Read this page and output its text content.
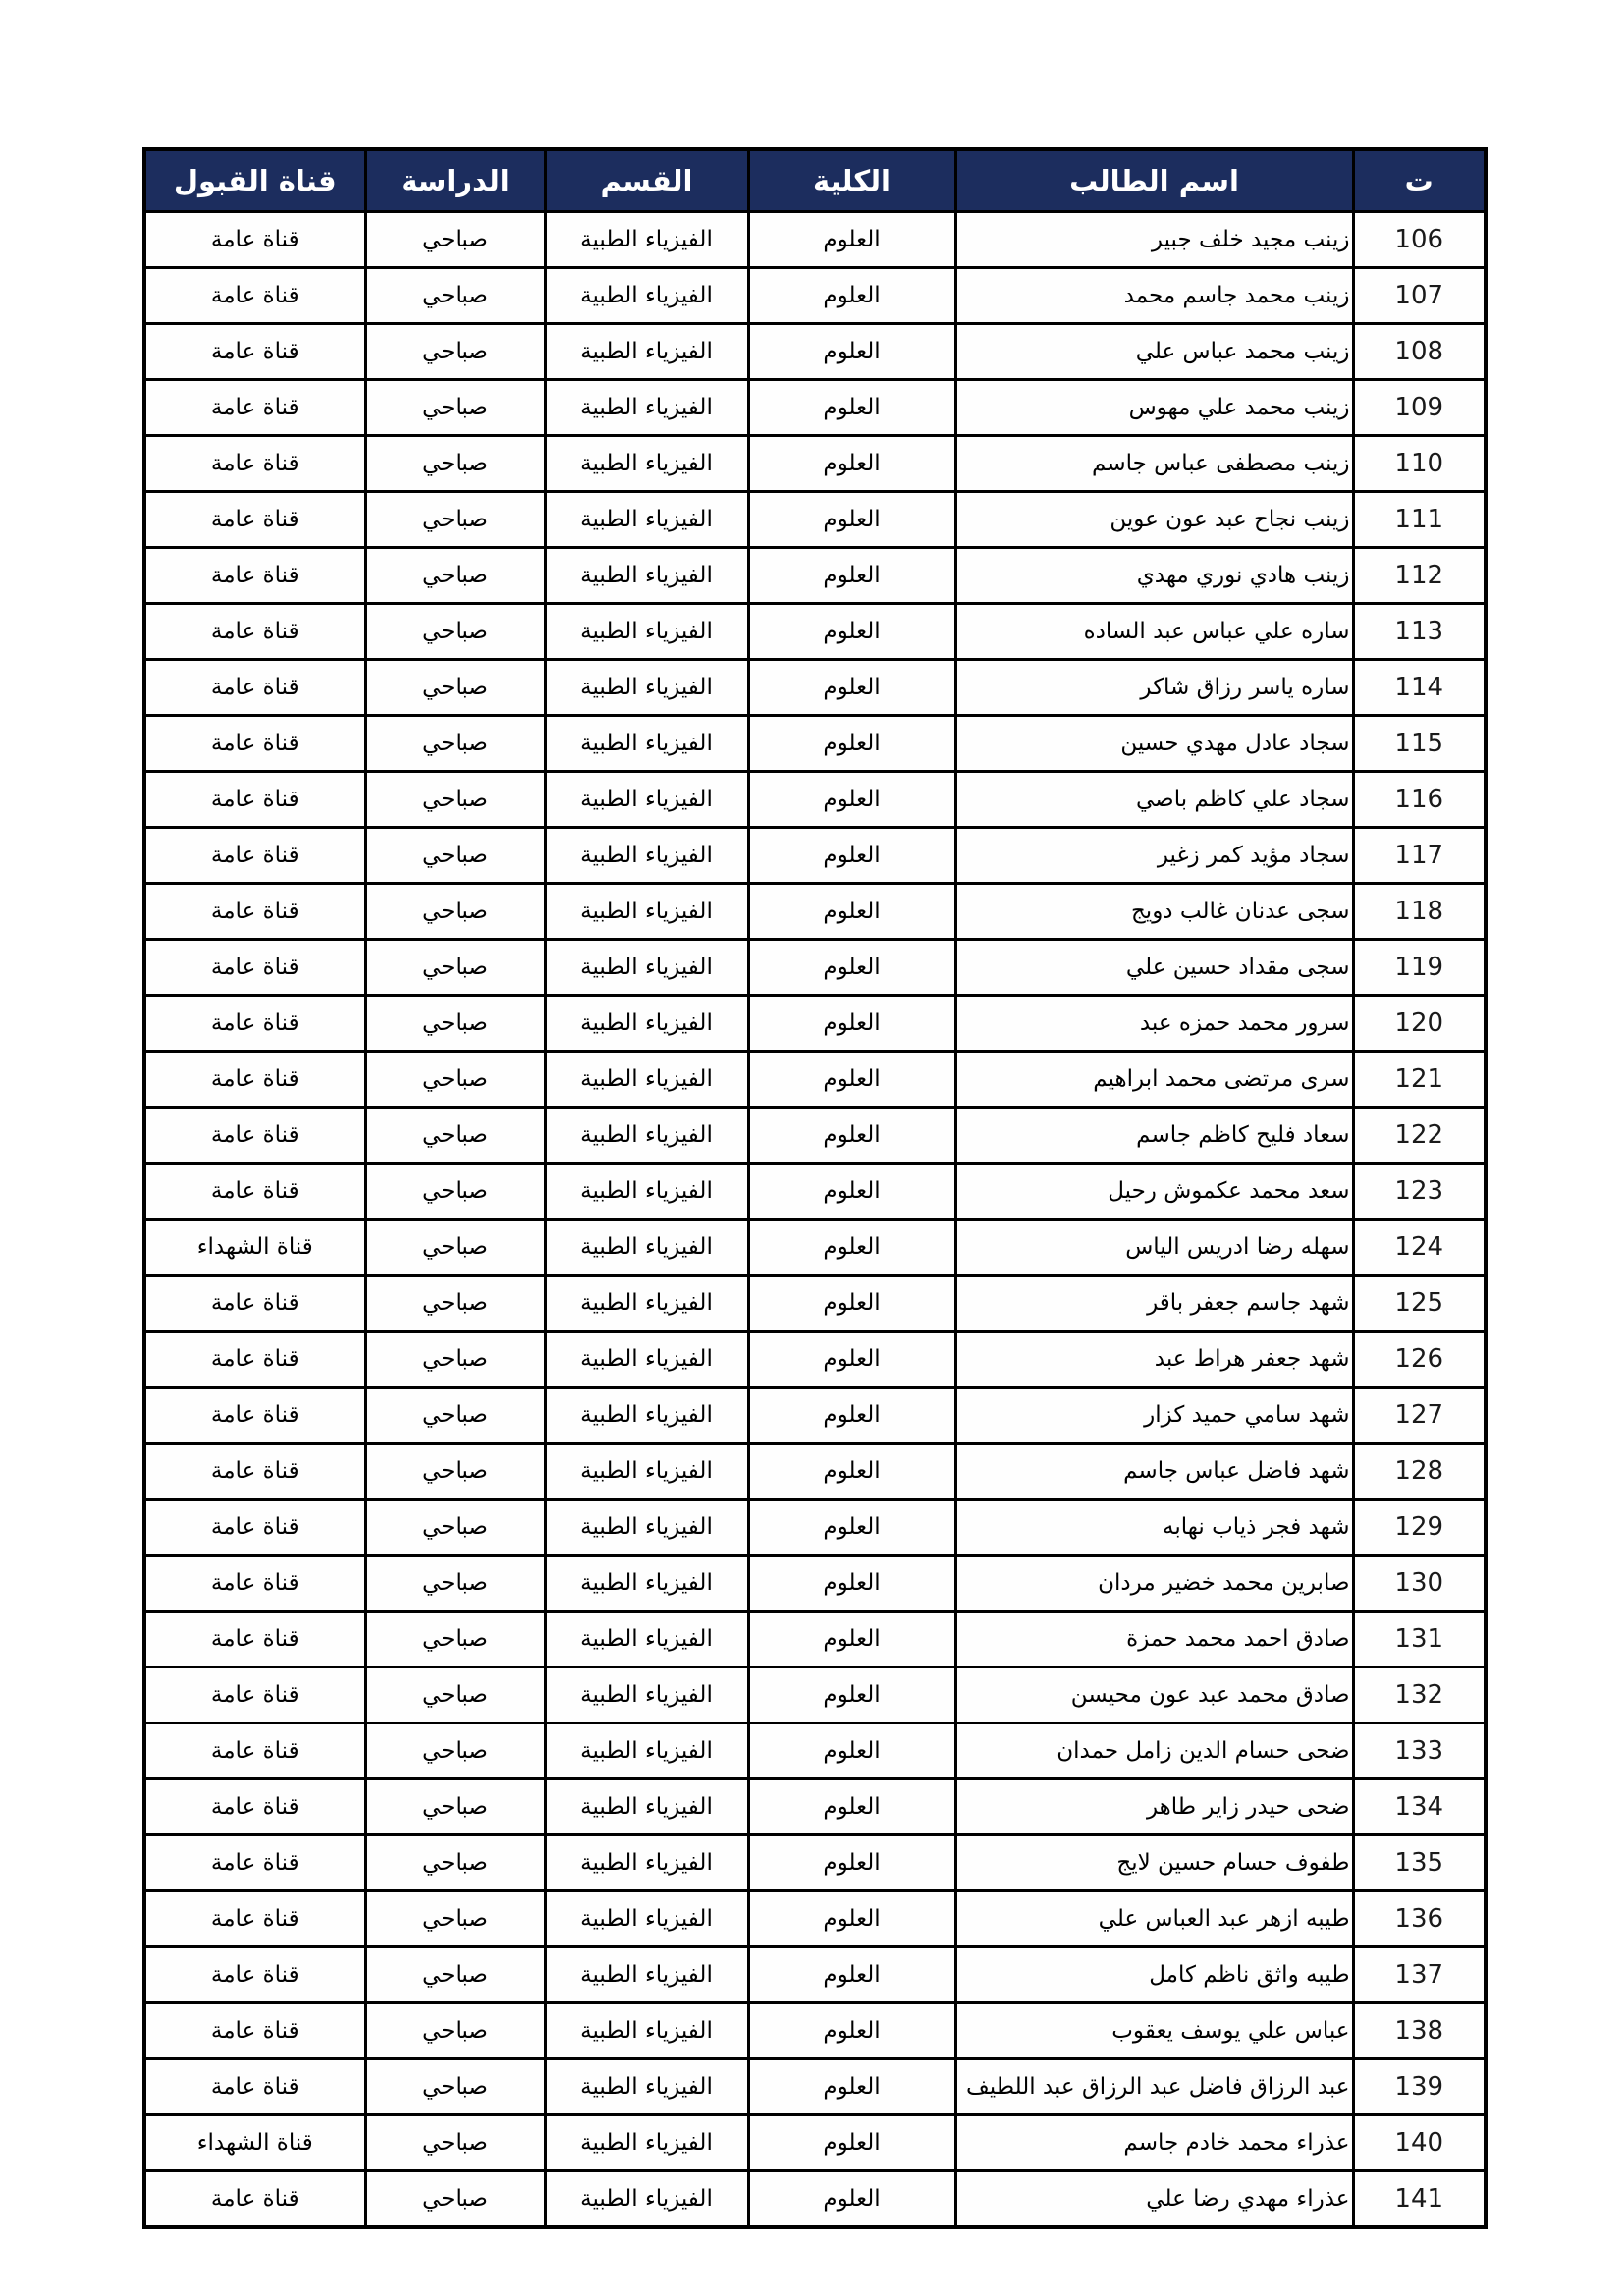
ت	اسم الطالب	الكلية	القسم	الدراسة	قناة القبول
106	زينب مجيد خلف جبير	العلوم	الفيزياء الطبية	صباحي	قناة عامة
107	زينب محمد جاسم محمد	العلوم	الفيزياء الطبية	صباحي	قناة عامة
108	زينب محمد عباس علي	العلوم	الفيزياء الطبية	صباحي	قناة عامة
109	زينب محمد علي مهوس	العلوم	الفيزياء الطبية	صباحي	قناة عامة
110	زينب مصطفى عباس جاسم	العلوم	الفيزياء الطبية	صباحي	قناة عامة
111	زينب نجاح عبد عون عوين	العلوم	الفيزياء الطبية	صباحي	قناة عامة
112	زينب هادي نوري مهدي	العلوم	الفيزياء الطبية	صباحي	قناة عامة
113	ساره علي عباس عبد الساده	العلوم	الفيزياء الطبية	صباحي	قناة عامة
114	ساره ياسر رزاق شاكر	العلوم	الفيزياء الطبية	صباحي	قناة عامة
115	سجاد عادل مهدي حسين	العلوم	الفيزياء الطبية	صباحي	قناة عامة
116	سجاد علي كاظم باصي	العلوم	الفيزياء الطبية	صباحي	قناة عامة
117	سجاد مؤيد كمر زغير	العلوم	الفيزياء الطبية	صباحي	قناة عامة
118	سجى عدنان غالب دويج	العلوم	الفيزياء الطبية	صباحي	قناة عامة
119	سجى مقداد حسين علي	العلوم	الفيزياء الطبية	صباحي	قناة عامة
120	سرور محمد حمزه عبد	العلوم	الفيزياء الطبية	صباحي	قناة عامة
121	سرى مرتضى محمد ابراهيم	العلوم	الفيزياء الطبية	صباحي	قناة عامة
122	سعاد فليح كاظم جاسم	العلوم	الفيزياء الطبية	صباحي	قناة عامة
123	سعد محمد عكموش رحيل	العلوم	الفيزياء الطبية	صباحي	قناة عامة
124	سهله رضا ادريس الياس	العلوم	الفيزياء الطبية	صباحي	قناة الشهداء
125	شهد جاسم جعفر باقر	العلوم	الفيزياء الطبية	صباحي	قناة عامة
126	شهد جعفر هراط عبد	العلوم	الفيزياء الطبية	صباحي	قناة عامة
127	شهد سامي حميد كزار	العلوم	الفيزياء الطبية	صباحي	قناة عامة
128	شهد فاضل عباس جاسم	العلوم	الفيزياء الطبية	صباحي	قناة عامة
129	شهد فجر ذياب نهابه	العلوم	الفيزياء الطبية	صباحي	قناة عامة
130	صابرين محمد خضير مردان	العلوم	الفيزياء الطبية	صباحي	قناة عامة
131	صادق احمد محمد حمزة	العلوم	الفيزياء الطبية	صباحي	قناة عامة
132	صادق محمد عبد عون محيسن	العلوم	الفيزياء الطبية	صباحي	قناة عامة
133	ضحى حسام الدين زامل حمدان	العلوم	الفيزياء الطبية	صباحي	قناة عامة
134	ضحى حيدر زاير طاهر	العلوم	الفيزياء الطبية	صباحي	قناة عامة
135	طفوف حسام حسين لايج	العلوم	الفيزياء الطبية	صباحي	قناة عامة
136	طيبه ازهر عبد العباس علي	العلوم	الفيزياء الطبية	صباحي	قناة عامة
137	طيبه واثق ناظم كامل	العلوم	الفيزياء الطبية	صباحي	قناة عامة
138	عباس علي يوسف يعقوب	العلوم	الفيزياء الطبية	صباحي	قناة عامة
139	عبد الرزاق فاضل عبد الرزاق عبد اللطيف	العلوم	الفيزياء الطبية	صباحي	قناة عامة
140	عذراء محمد خادم جاسم	العلوم	الفيزياء الطبية	صباحي	قناة الشهداء
141	عذراء مهدي رضا علي	العلوم	الفيزياء الطبية	صباحي	قناة عامة
